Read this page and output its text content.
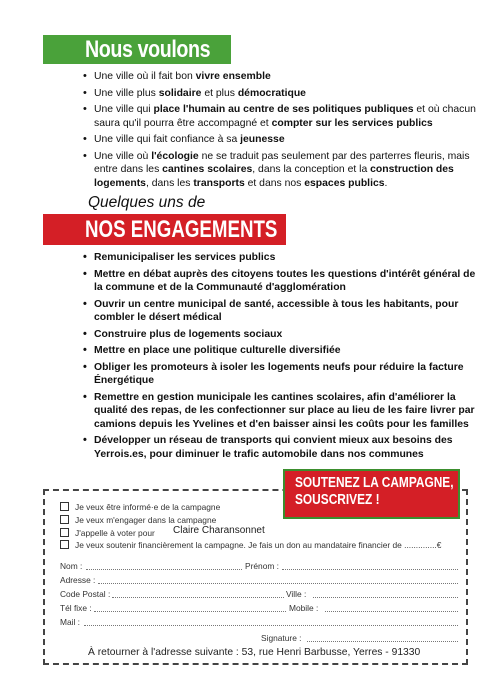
Nous voulons
• Une ville où il fait bon vivre ensemble
• Une ville plus solidaire et plus démocratique
• Une ville qui place l'humain au centre de ses politiques publiques et où chacun saura qu'il pourra être accompagné et compter sur les services publics
• Une ville qui fait confiance à sa jeunesse
• Une ville où l'écologie ne se traduit pas seulement par des parterres fleuris, mais entre dans les cantines scolaires, dans la conception et la construction des logements, dans les transports et dans nos espaces publics.
Quelques uns de
NOS ENGAGEMENTS
• Remunicipaliser les services publics
• Mettre en débat auprès des citoyens toutes les questions d'intérêt général de la commune et de la Communauté d'agglomération
• Ouvrir un centre municipal de santé, accessible à tous les habitants, pour combler le désert médical
• Construire plus de logements sociaux
• Mettre en place une politique culturelle diversifiée
• Obliger les promoteurs à isoler les logements neufs pour réduire la facture Énergétique
• Remettre en gestion municipale les cantines scolaires, afin d'améliorer la qualité des repas, de les confectionner sur place au lieu de les faire livrer par camions depuis les Yvelines et d'en baisser ainsi les coûts pour les familles
• Développer un réseau de transports qui convient mieux aux besoins des Yerrois.es, pour diminuer le trafic automobile dans nos communes
SOUTENEZ LA CAMPAGNE,
SOUSCRIVEZ !
Je veux être informé·e de la campagne
Je veux m'engager dans la campagne
J'appelle à voter pour Claire Charansonnet
Je veux soutenir financièrement la campagne. Je fais un don au mandataire financier de ..............€
Nom :	Prénom :
Adresse :
Code Postal :	Ville :
Tél fixe :	Mobile :
Mail :
Signature :
À retourner à l'adresse suivante : 53, rue Henri Barbusse, Yerres - 91330
